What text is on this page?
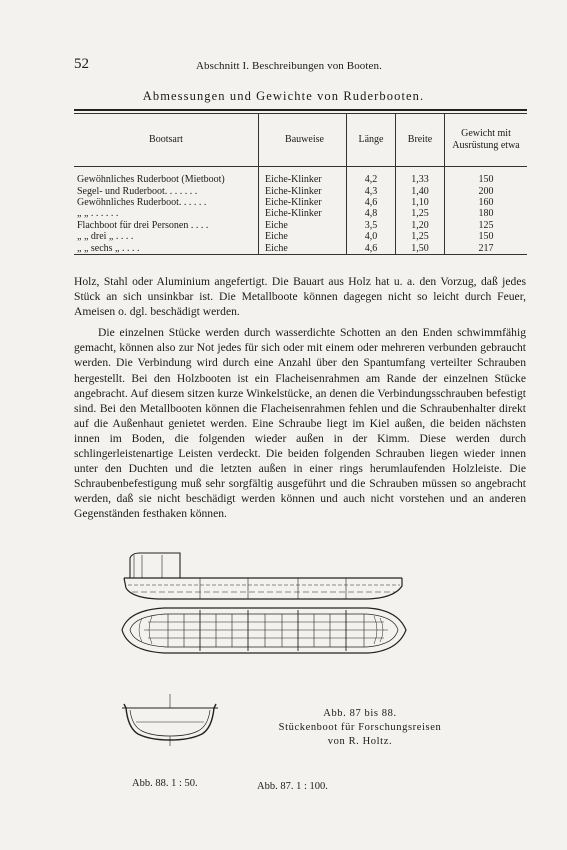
52	Abschnitt I. Beschreibungen von Booten.
Abmessungen und Gewichte von Ruderbooten.
Bootsart	Bauweise	Länge	Breite	Gewicht mit Ausrüstung etwa
Gewöhnliches Ruderboot (Mietboot)	Eiche-Klinker	4,2	1,33	150
Segel- und Ruderboot. . . . . . .	Eiche-Klinker	4,3	1,40	200
Gewöhnliches Ruderboot. . . . . .	Eiche-Klinker	4,6	1,10	160
„ „ . . . . . .	Eiche-Klinker	4,8	1,25	180
Flachboot für drei Personen . . . .	Eiche	3,5	1,20	125
„ „ drei „ . . . .	Eiche	4,0	1,25	150
„ „ sechs „ . . . .	Eiche	4,6	1,50	217

Holz, Stahl oder Aluminium angefertigt. Die Bauart aus Holz hat u. a. den Vorzug, daß jedes Stück an sich unsinkbar ist. Die Metallboote können dagegen nicht so leicht durch Feuer, Ameisen o. dgl. beschädigt werden.

Die einzelnen Stücke werden durch wasserdichte Schotten an den Enden schwimmfähig gemacht, können also zur Not jedes für sich oder mit einem oder mehreren verbunden gebraucht werden. Die Verbindung wird durch eine Anzahl über den Spantumfang verteilter Schrauben hergestellt. Bei den Holzbooten ist ein Flacheisenrahmen am Rande der einzelnen Stücke angebracht. Auf diesem sitzen kurze Winkelstücke, an denen die Verbindungsschrauben befestigt sind. Bei den Metallbooten können die Flacheisenrahmen fehlen und die Schraubenhalter direkt auf die Außenhaut genietet werden. Eine Schraube liegt im Kiel außen, die beiden nächsten innen im Boden, die folgenden wieder außen in der Kimm. Diese werden durch schlingerleistenartige Leisten verdeckt. Die beiden folgenden Schrauben liegen wieder innen unter den Duchten und die letzten außen in einer rings herumlaufenden Holzleiste. Die Schraubenbefestigung muß sehr sorgfältig ausgeführt und die Schrauben müssen so angebracht werden, daß sie nicht beschädigt werden können und auch nicht vorstehen und an anderen Gegenständen festhaken können.

Abb. 87. 1 : 100.
Abb. 88. 1 : 50.
Abb. 87 bis 88.
Stückenboot für Forschungsreisen
von R. Holtz.
